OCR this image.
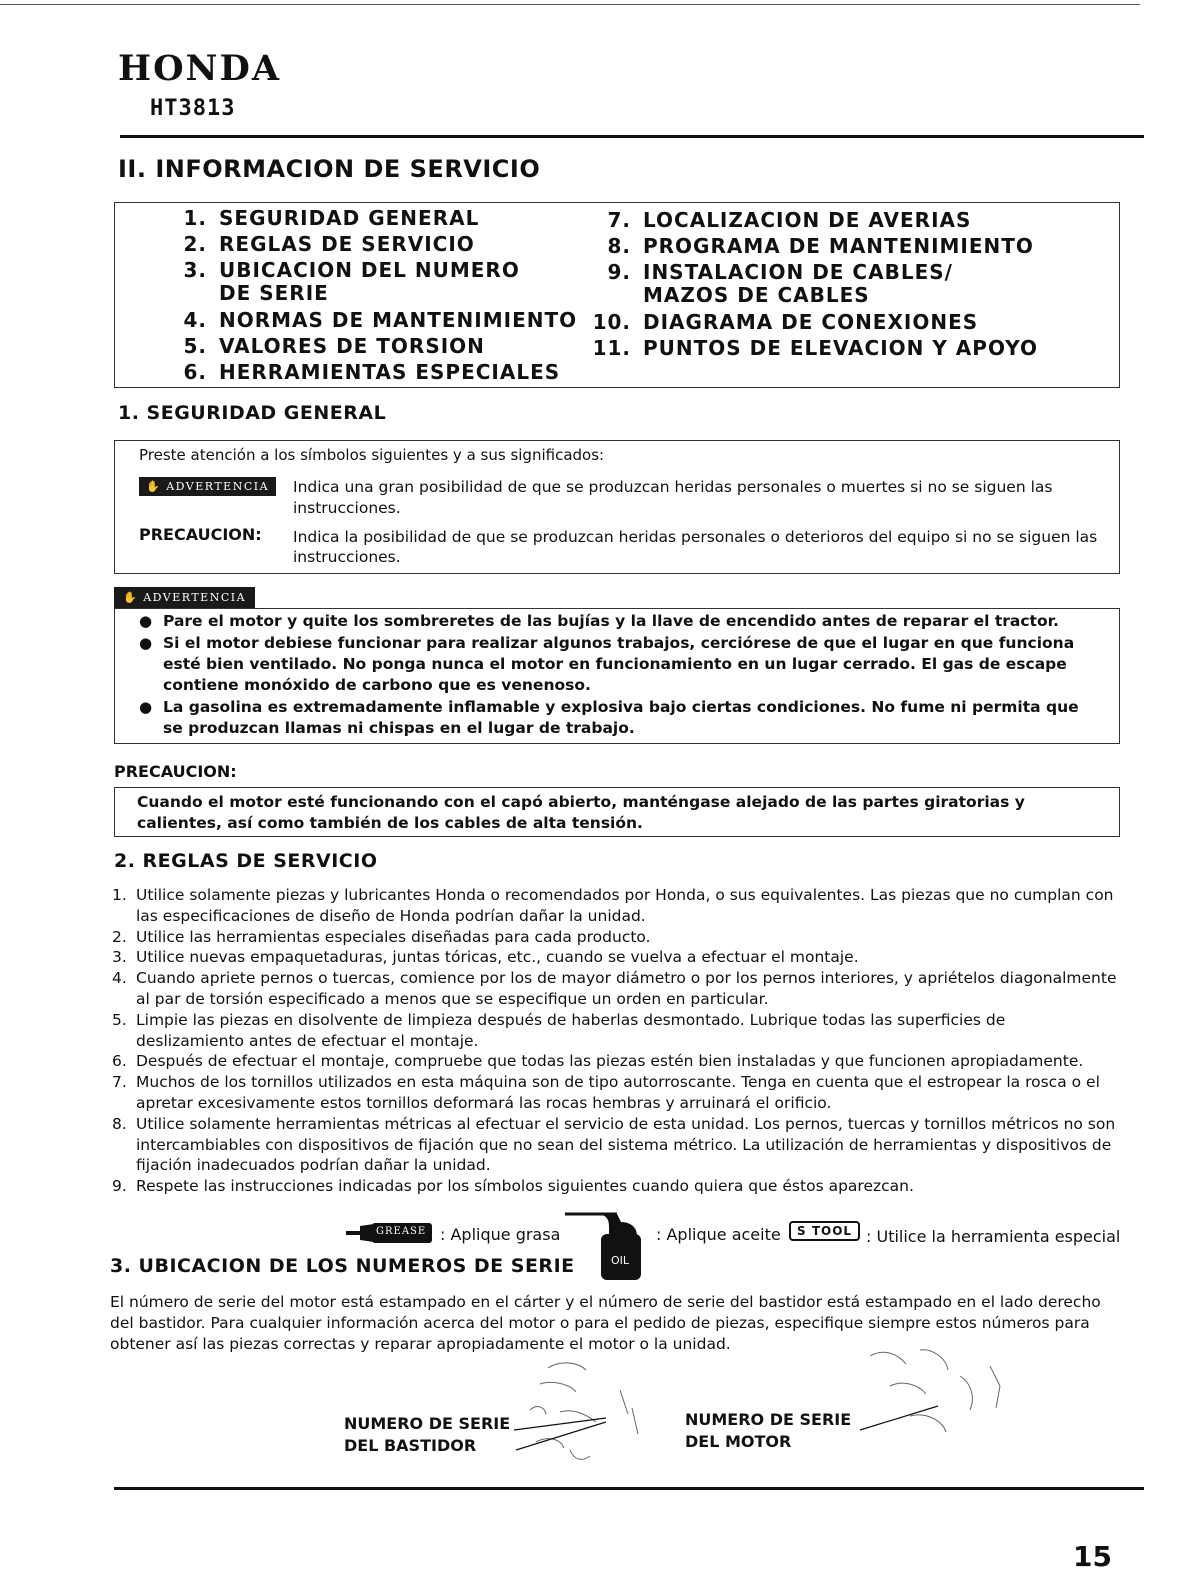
HONDA
HT3813
II. INFORMACION DE SERVICIO
1. SEGURIDAD GENERAL
2. REGLAS DE SERVICIO
3. UBICACION DEL NUMERO
DE SERIE
4. NORMAS DE MANTENIMIENTO
5. VALORES DE TORSION
6. HERRAMIENTAS ESPECIALES
7. LOCALIZACION DE AVERIAS
8. PROGRAMA DE MANTENIMIENTO
9. INSTALACION DE CABLES/
MAZOS DE CABLES
10. DIAGRAMA DE CONEXIONES
11. PUNTOS DE ELEVACION Y APOYO
1. SEGURIDAD GENERAL
Preste atención a los símbolos siguientes y a sus significados:
✋ ADVERTENCIA	Indica una gran posibilidad de que se produzcan heridas personales o muertes si no se siguen las instrucciones.
PRECAUCION: Indica la posibilidad de que se produzcan heridas personales o deterioros del equipo si no se siguen las instrucciones.
✋ ADVERTENCIA
● Pare el motor y quite los sombreretes de las bujías y la llave de encendido antes de reparar el tractor.
● Si el motor debiese funcionar para realizar algunos trabajos, cerciórese de que el lugar en que funciona esté bien ventilado. No ponga nunca el motor en funcionamiento en un lugar cerrado. El gas de escape contiene monóxido de carbono que es venenoso.
● La gasolina es extremadamente inflamable y explosiva bajo ciertas condiciones. No fume ni permita que se produzcan llamas ni chispas en el lugar de trabajo.
PRECAUCION:
Cuando el motor esté funcionando con el capó abierto, manténgase alejado de las partes giratorias y calientes, así como también de los cables de alta tensión.
2. REGLAS DE SERVICIO
1. Utilice solamente piezas y lubricantes Honda o recomendados por Honda, o sus equivalentes. Las piezas que no cumplan con las especificaciones de diseño de Honda podrían dañar la unidad.
2. Utilice las herramientas especiales diseñadas para cada producto.
3. Utilice nuevas empaquetaduras, juntas tóricas, etc., cuando se vuelva a efectuar el montaje.
4. Cuando apriete pernos o tuercas, comience por los de mayor diámetro o por los pernos interiores, y apriételos diagonalmente al par de torsión especificado a menos que se especifique un orden en particular.
5. Limpie las piezas en disolvente de limpieza después de haberlas desmontado. Lubrique todas las superficies de deslizamiento antes de efectuar el montaje.
6. Después de efectuar el montaje, compruebe que todas las piezas estén bien instaladas y que funcionen apropiadamente.
7. Muchos de los tornillos utilizados en esta máquina son de tipo autorroscante. Tenga en cuenta que el estropear la rosca o el apretar excesivamente estos tornillos deformará las rocas hembras y arruinará el orificio.
8. Utilice solamente herramientas métricas al efectuar el servicio de esta unidad. Los pernos, tuercas y tornillos métricos no son intercambiables con dispositivos de fijación que no sean del sistema métrico. La utilización de herramientas y dispositivos de fijación inadecuados podrían dañar la unidad.
9. Respete las instrucciones indicadas por los símbolos siguientes cuando quiera que éstos aparezcan.
GREASE : Aplique grasa
OIL
: Aplique aceite	S TOOL : Utilice la herramienta especial
3. UBICACION DE LOS NUMEROS DE SERIE
El número de serie del motor está estampado en el cárter y el número de serie del bastidor está estampado en el lado derecho del bastidor. Para cualquier información acerca del motor o para el pedido de piezas, especifique siempre estos números para obtener así las piezas correctas y reparar apropiadamente el motor o la unidad.
NUMERO DE SERIE
DEL BASTIDOR
NUMERO DE SERIE
DEL MOTOR
15
